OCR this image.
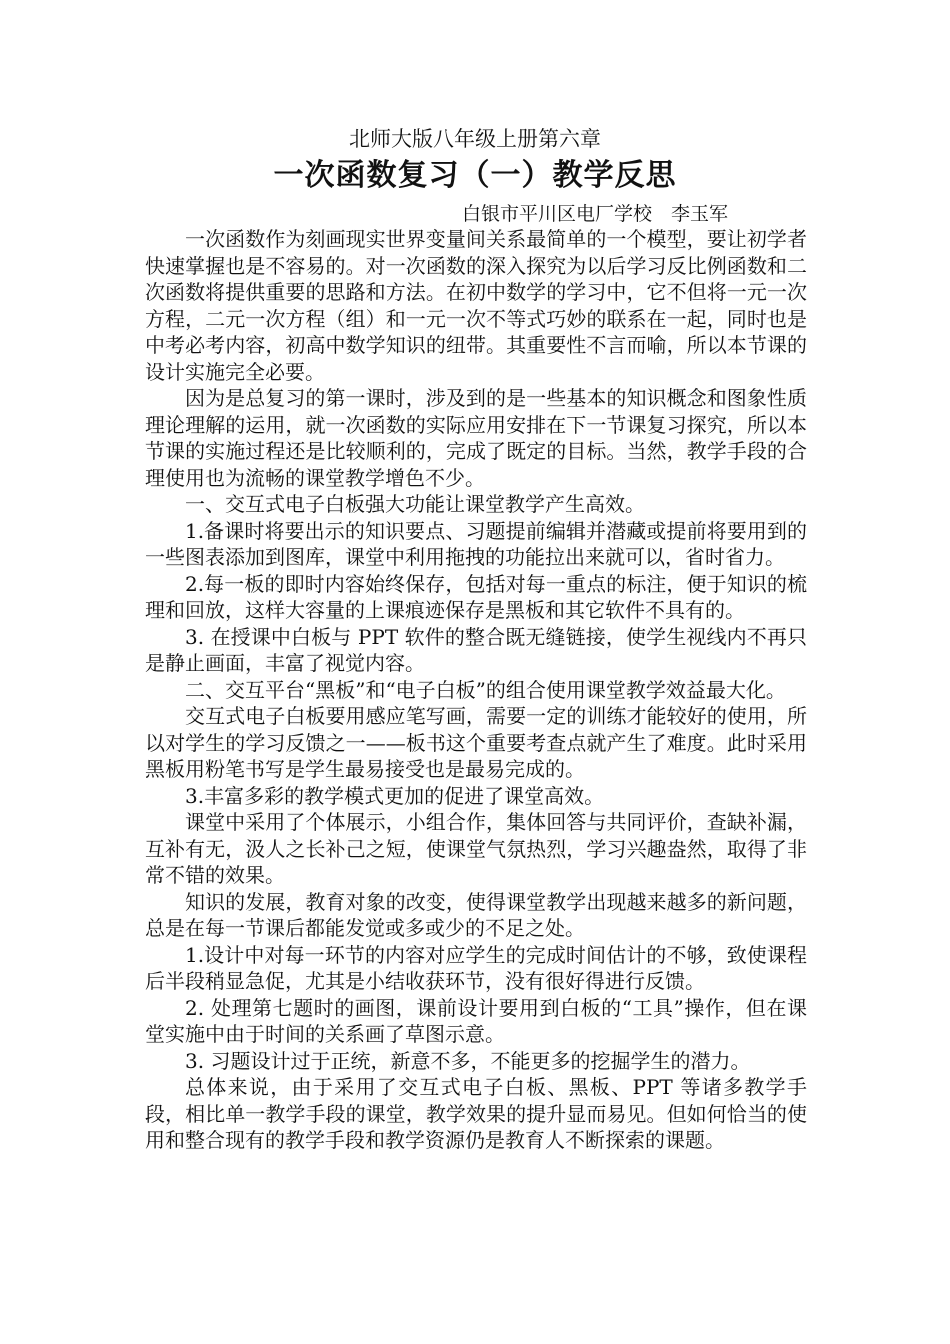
北师大版八年级上册第六章
一次函数复习（一）教学反思
白银市平川区电厂学校　李玉军

一次函数作为刻画现实世界变量间关系最简单的一个模型，要让初学者快速掌握也是不容易的。对一次函数的深入探究为以后学习反比例函数和二次函数将提供重要的思路和方法。在初中数学的学习中，它不但将一元一次方程，二元一次方程（组）和一元一次不等式巧妙的联系在一起，同时也是中考必考内容，初高中数学知识的纽带。其重要性不言而喻，所以本节课的设计实施完全必要。

因为是总复习的第一课时，涉及到的是一些基本的知识概念和图象性质理论理解的运用，就一次函数的实际应用安排在下一节课复习探究，所以本节课的实施过程还是比较顺利的，完成了既定的目标。当然，教学手段的合理使用也为流畅的课堂教学增色不少。

一、交互式电子白板强大功能让课堂教学产生高效。

1.备课时将要出示的知识要点、习题提前编辑并潜藏或提前将要用到的一些图表添加到图库，课堂中利用拖拽的功能拉出来就可以，省时省力。

2.每一板的即时内容始终保存，包括对每一重点的标注，便于知识的梳理和回放，这样大容量的上课痕迹保存是黑板和其它软件不具有的。

3. 在授课中白板与 PPT 软件的整合既无缝链接，使学生视线内不再只是静止画面，丰富了视觉内容。

二、交互平台“黑板”和“电子白板”的组合使用课堂教学效益最大化。

交互式电子白板要用感应笔写画，需要一定的训练才能较好的使用，所以对学生的学习反馈之一——板书这个重要考查点就产生了难度。此时采用黑板用粉笔书写是学生最易接受也是最易完成的。

3.丰富多彩的教学模式更加的促进了课堂高效。

课堂中采用了个体展示，小组合作，集体回答与共同评价，查缺补漏，互补有无，汲人之长补己之短，使课堂气氛热烈，学习兴趣盎然，取得了非常不错的效果。

知识的发展，教育对象的改变，使得课堂教学出现越来越多的新问题，总是在每一节课后都能发觉或多或少的不足之处。

1.设计中对每一环节的内容对应学生的完成时间估计的不够，致使课程后半段稍显急促，尤其是小结收获环节，没有很好得进行反馈。

2. 处理第七题时的画图，课前设计要用到白板的“工具”操作，但在课堂实施中由于时间的关系画了草图示意。

3. 习题设计过于正统，新意不多，不能更多的挖掘学生的潜力。

总体来说，由于采用了交互式电子白板、黑板、PPT 等诸多教学手段，相比单一教学手段的课堂，教学效果的提升显而易见。但如何恰当的使用和整合现有的教学手段和教学资源仍是教育人不断探索的课题。
